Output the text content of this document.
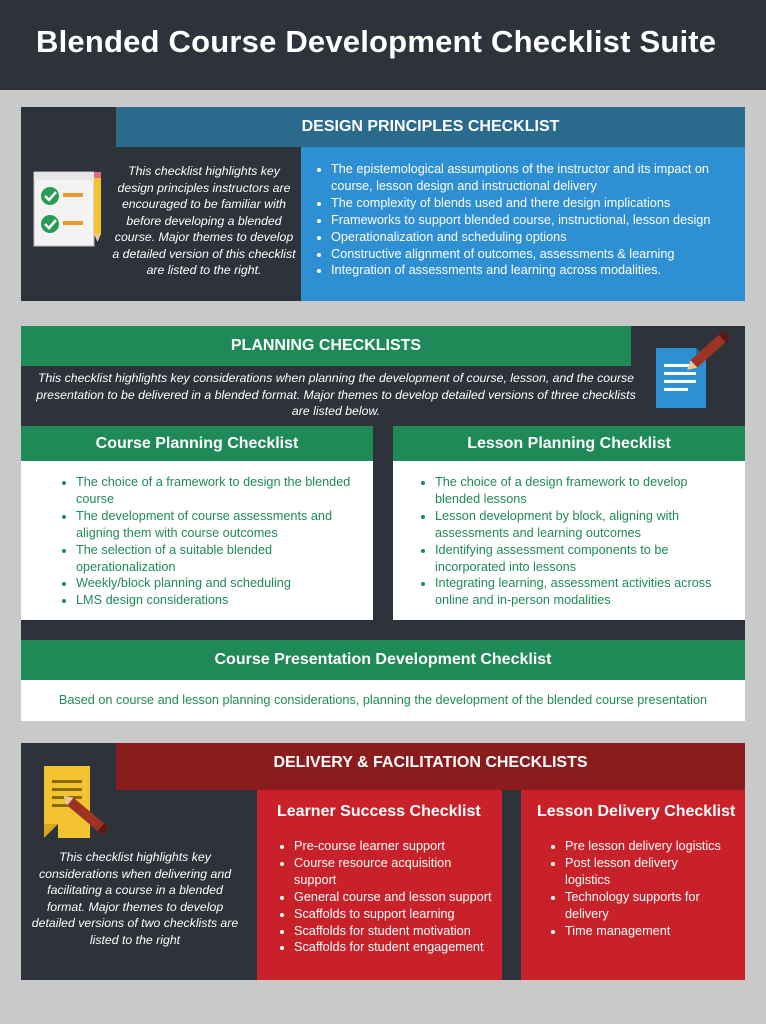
Blended Course Development Checklist Suite
DESIGN PRINCIPLES CHECKLIST
This checklist highlights key design principles instructors are encouraged to be familiar with before developing a blended course. Major themes to develop a detailed version of this checklist are listed to the right.
• The epistemological assumptions of the instructor and its impact on course, lesson design and instructional delivery
• The complexity of blends used and there design implications
• Frameworks to support blended course, instructional, lesson design
• Operationalization and scheduling options
• Constructive alignment of outcomes, assessments & learning
• Integration of assessments and learning across modalities.
PLANNING CHECKLISTS
This checklist highlights key considerations when planning the development of course, lesson, and the course presentation to be delivered in a blended format. Major themes to develop detailed versions of three checklists are listed below.
Course Planning Checklist
• The choice of a framework to design the blended course
• The development of course assessments and aligning them with course outcomes
• The selection of a suitable blended operationalization
• Weekly/block planning and scheduling
• LMS design considerations
Lesson Planning Checklist
• The choice of a design framework to develop blended lessons
• Lesson development by block, aligning with assessments and learning outcomes
• Identifying assessment components to be incorporated into lessons
• Integrating learning, assessment activities across online and in-person modalities
Course Presentation Development Checklist
Based on course and lesson planning considerations, planning the development of the blended course presentation
DELIVERY & FACILITATION CHECKLISTS
This checklist highlights key considerations when delivering and facilitating a course in a blended format. Major themes to develop detailed versions of two checklists are listed to the right
Learner Success Checklist
• Pre-course learner support
• Course resource acquisition support
• General course and lesson support
• Scaffolds to support learning
• Scaffolds for student motivation
• Scaffolds for student engagement
Lesson Delivery Checklist
• Pre lesson delivery logistics
• Post lesson delivery logistics
• Technology supports for delivery
• Time management
